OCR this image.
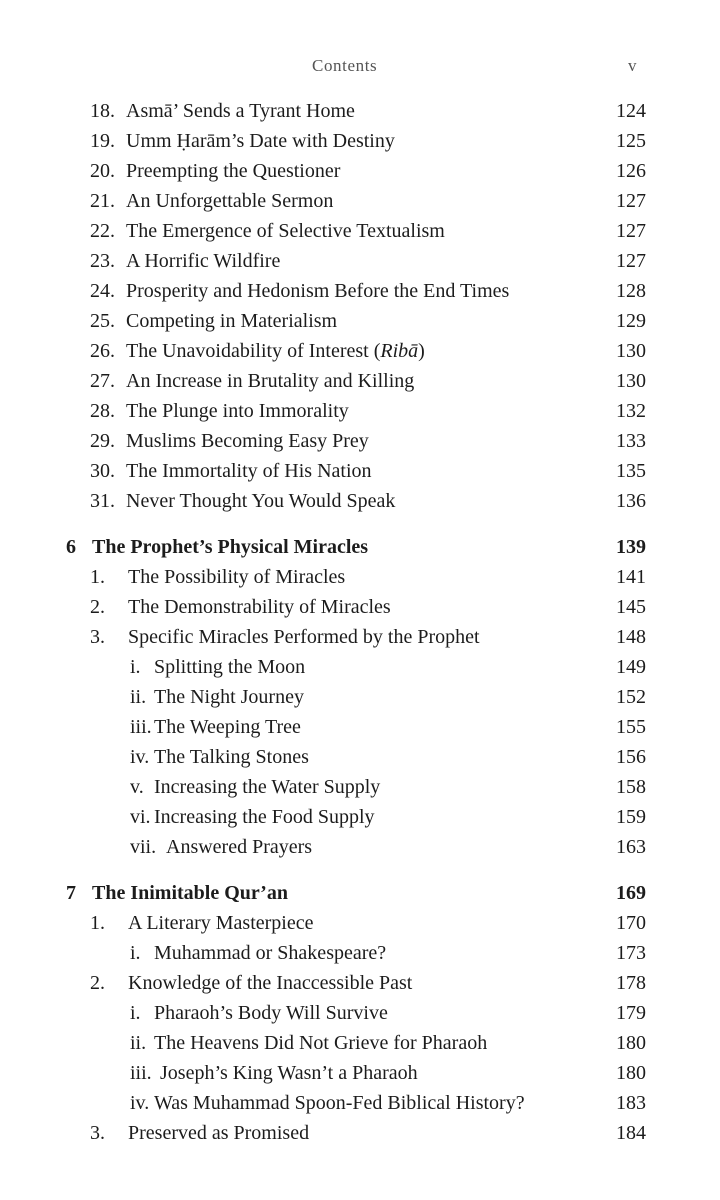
Contents	v
18. Asmā’ Sends a Tyrant Home	124
19. Umm Ḥarām’s Date with Destiny	125
20. Preempting the Questioner	126
21. An Unforgettable Sermon	127
22. The Emergence of Selective Textualism	127
23. A Horrific Wildfire	127
24. Prosperity and Hedonism Before the End Times	128
25. Competing in Materialism	129
26. The Unavoidability of Interest (Ribā)	130
27. An Increase in Brutality and Killing	130
28. The Plunge into Immorality	132
29. Muslims Becoming Easy Prey	133
30. The Immortality of His Nation	135
31. Never Thought You Would Speak	136
6 The Prophet’s Physical Miracles	139
1.	The Possibility of Miracles	141
2.	The Demonstrability of Miracles	145
3.	Specific Miracles Performed by the Prophet	148
i. Splitting the Moon	149
ii. The Night Journey	152
iii. The Weeping Tree	155
iv. The Talking Stones	156
v. Increasing the Water Supply	158
vi. Increasing the Food Supply	159
vii. Answered Prayers	163
7 The Inimitable Qur’an	169
1.	A Literary Masterpiece	170
i. Muhammad or Shakespeare?	173
2.	Knowledge of the Inaccessible Past	178
i. Pharaoh’s Body Will Survive	179
ii. The Heavens Did Not Grieve for Pharaoh	180
iii. Joseph’s King Wasn’t a Pharaoh	180
iv. Was Muhammad Spoon-Fed Biblical History?	183
3.	Preserved as Promised	184
